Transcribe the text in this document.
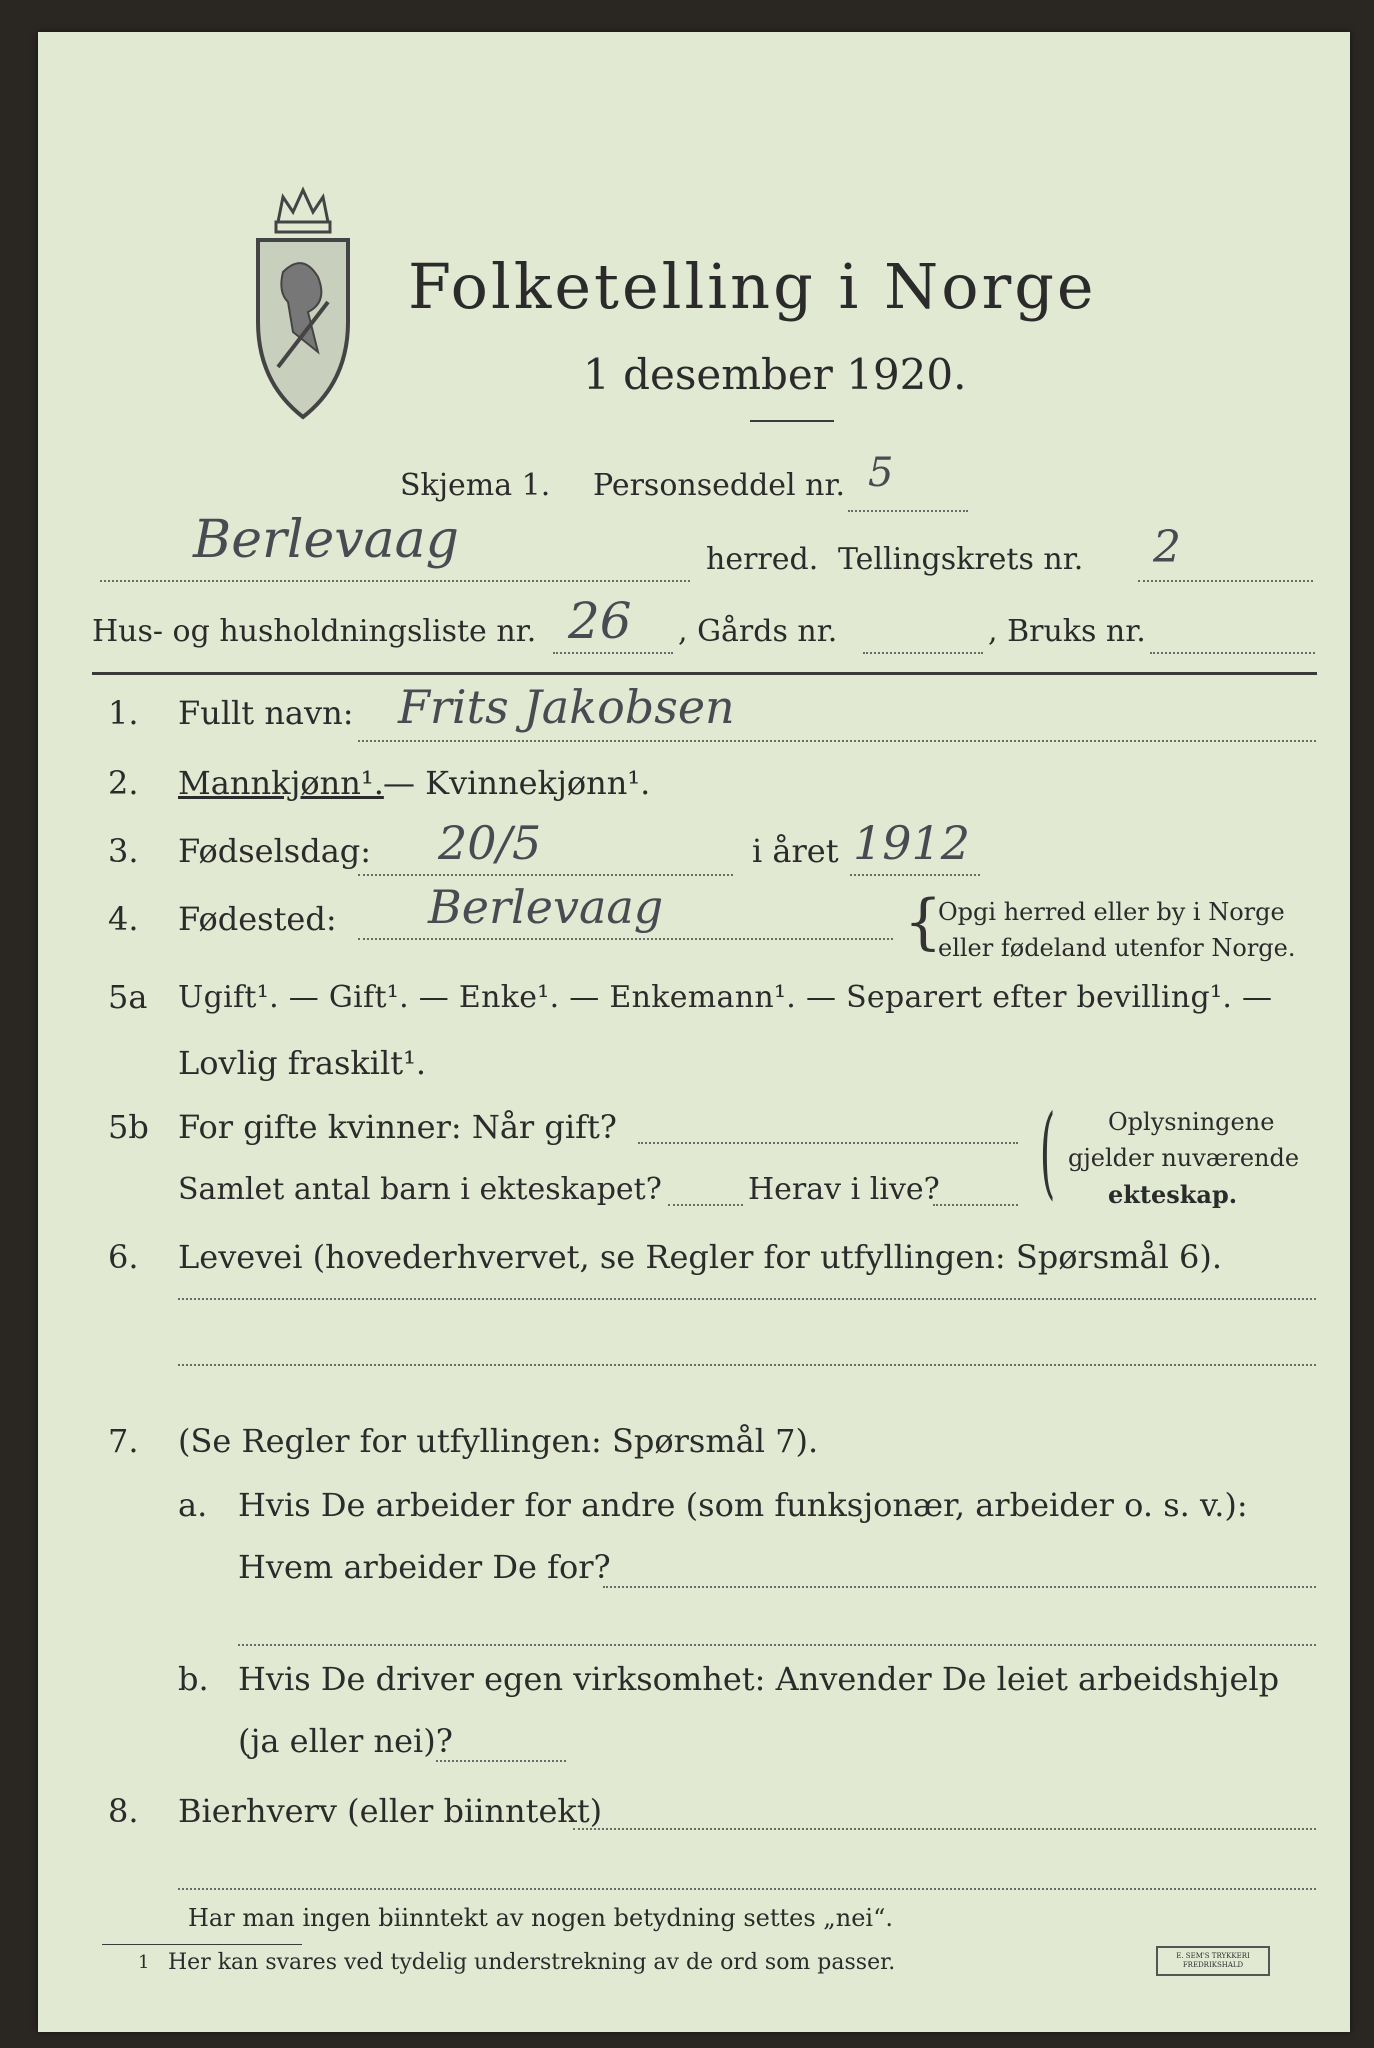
Folketelling i Norge
1 desember 1920.
Skjema 1. Personseddel nr. 5
Berlevaag	herred. Tellingskrets nr. 2
Hus- og husholdningsliste nr. 26 , Gårds nr.	, Bruks nr.
1. Fullt navn: Frits Jakobsen
2. Mannkjønn¹. — Kvinnekjønn¹.
3. Fødselsdag: 20/5	i året 1912
4. Fødested: Berlevaag	{
Opgi herred eller by i Norge
eller fødeland utenfor Norge.
5a Ugift¹. — Gift¹. — Enke¹. — Enkemann¹. — Separert efter bevilling¹. —
Lovlig fraskilt¹.
5b For gifte kvinner: Når gift?
Samlet antal barn i ekteskapet?	Herav i live? ( Oplysningene
gjelder nuværende
ekteskap.
6. Levevei (hovederhvervet, se Regler for utfyllingen: Spørsmål 6).
7. (Se Regler for utfyllingen: Spørsmål 7).
a. Hvis De arbeider for andre (som funksjonær, arbeider o. s. v.):
Hvem arbeider De for?
b. Hvis De driver egen virksomhet: Anvender De leiet arbeidshjelp
(ja eller nei)?
8. Bierhverv (eller biinntekt)
Har man ingen biinntekt av nogen betydning settes „nei“.
1 Her kan svares ved tydelig understrekning av de ord som passer.	E. SEM'S TRYKKERI FREDRIKSHALD
